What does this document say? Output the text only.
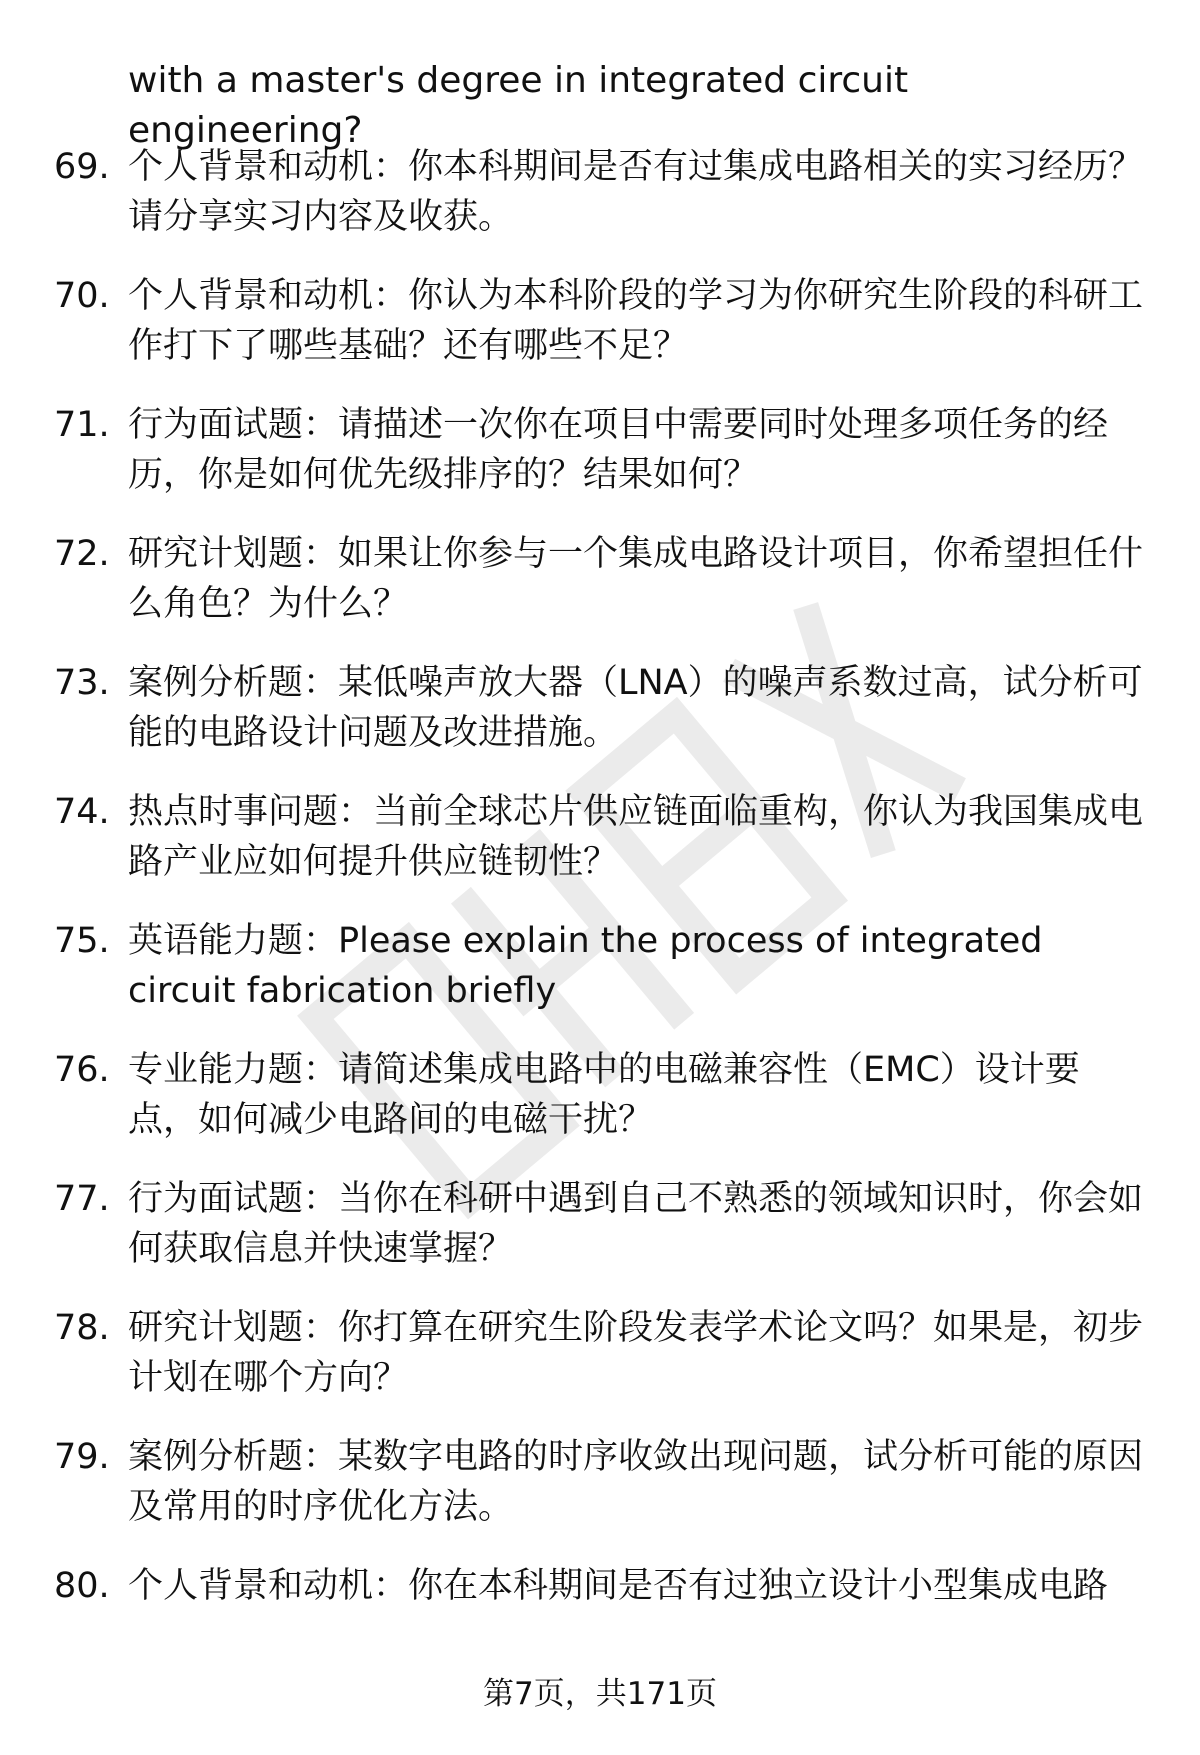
with a master's degree in integrated circuit engineering?
69. 个人背景和动机：你本科期间是否有过集成电路相关的实习经历？请分享实习内容及收获。
70. 个人背景和动机：你认为本科阶段的学习为你研究生阶段的科研工作打下了哪些基础？还有哪些不足？
71. 行为面试题：请描述一次你在项目中需要同时处理多项任务的经历，你是如何优先级排序的？结果如何？
72. 研究计划题：如果让你参与一个集成电路设计项目，你希望担任什么角色？为什么？
73. 案例分析题：某低噪声放大器（LNA）的噪声系数过高，试分析可能的电路设计问题及改进措施。
74. 热点时事问题：当前全球芯片供应链面临重构，你认为我国集成电路产业应如何提升供应链韧性？
75. 英语能力题：Please explain the process of integrated circuit fabrication briefly
76. 专业能力题：请简述集成电路中的电磁兼容性（EMC）设计要点，如何减少电路间的电磁干扰？
77. 行为面试题：当你在科研中遇到自己不熟悉的领域知识时，你会如何获取信息并快速掌握？
78. 研究计划题：你打算在研究生阶段发表学术论文吗？如果是，初步计划在哪个方向？
79. 案例分析题：某数字电路的时序收敛出现问题，试分析可能的原因及常用的时序优化方法。
80. 个人背景和动机：你在本科期间是否有过独立设计小型集成电路
第7页，共171页
